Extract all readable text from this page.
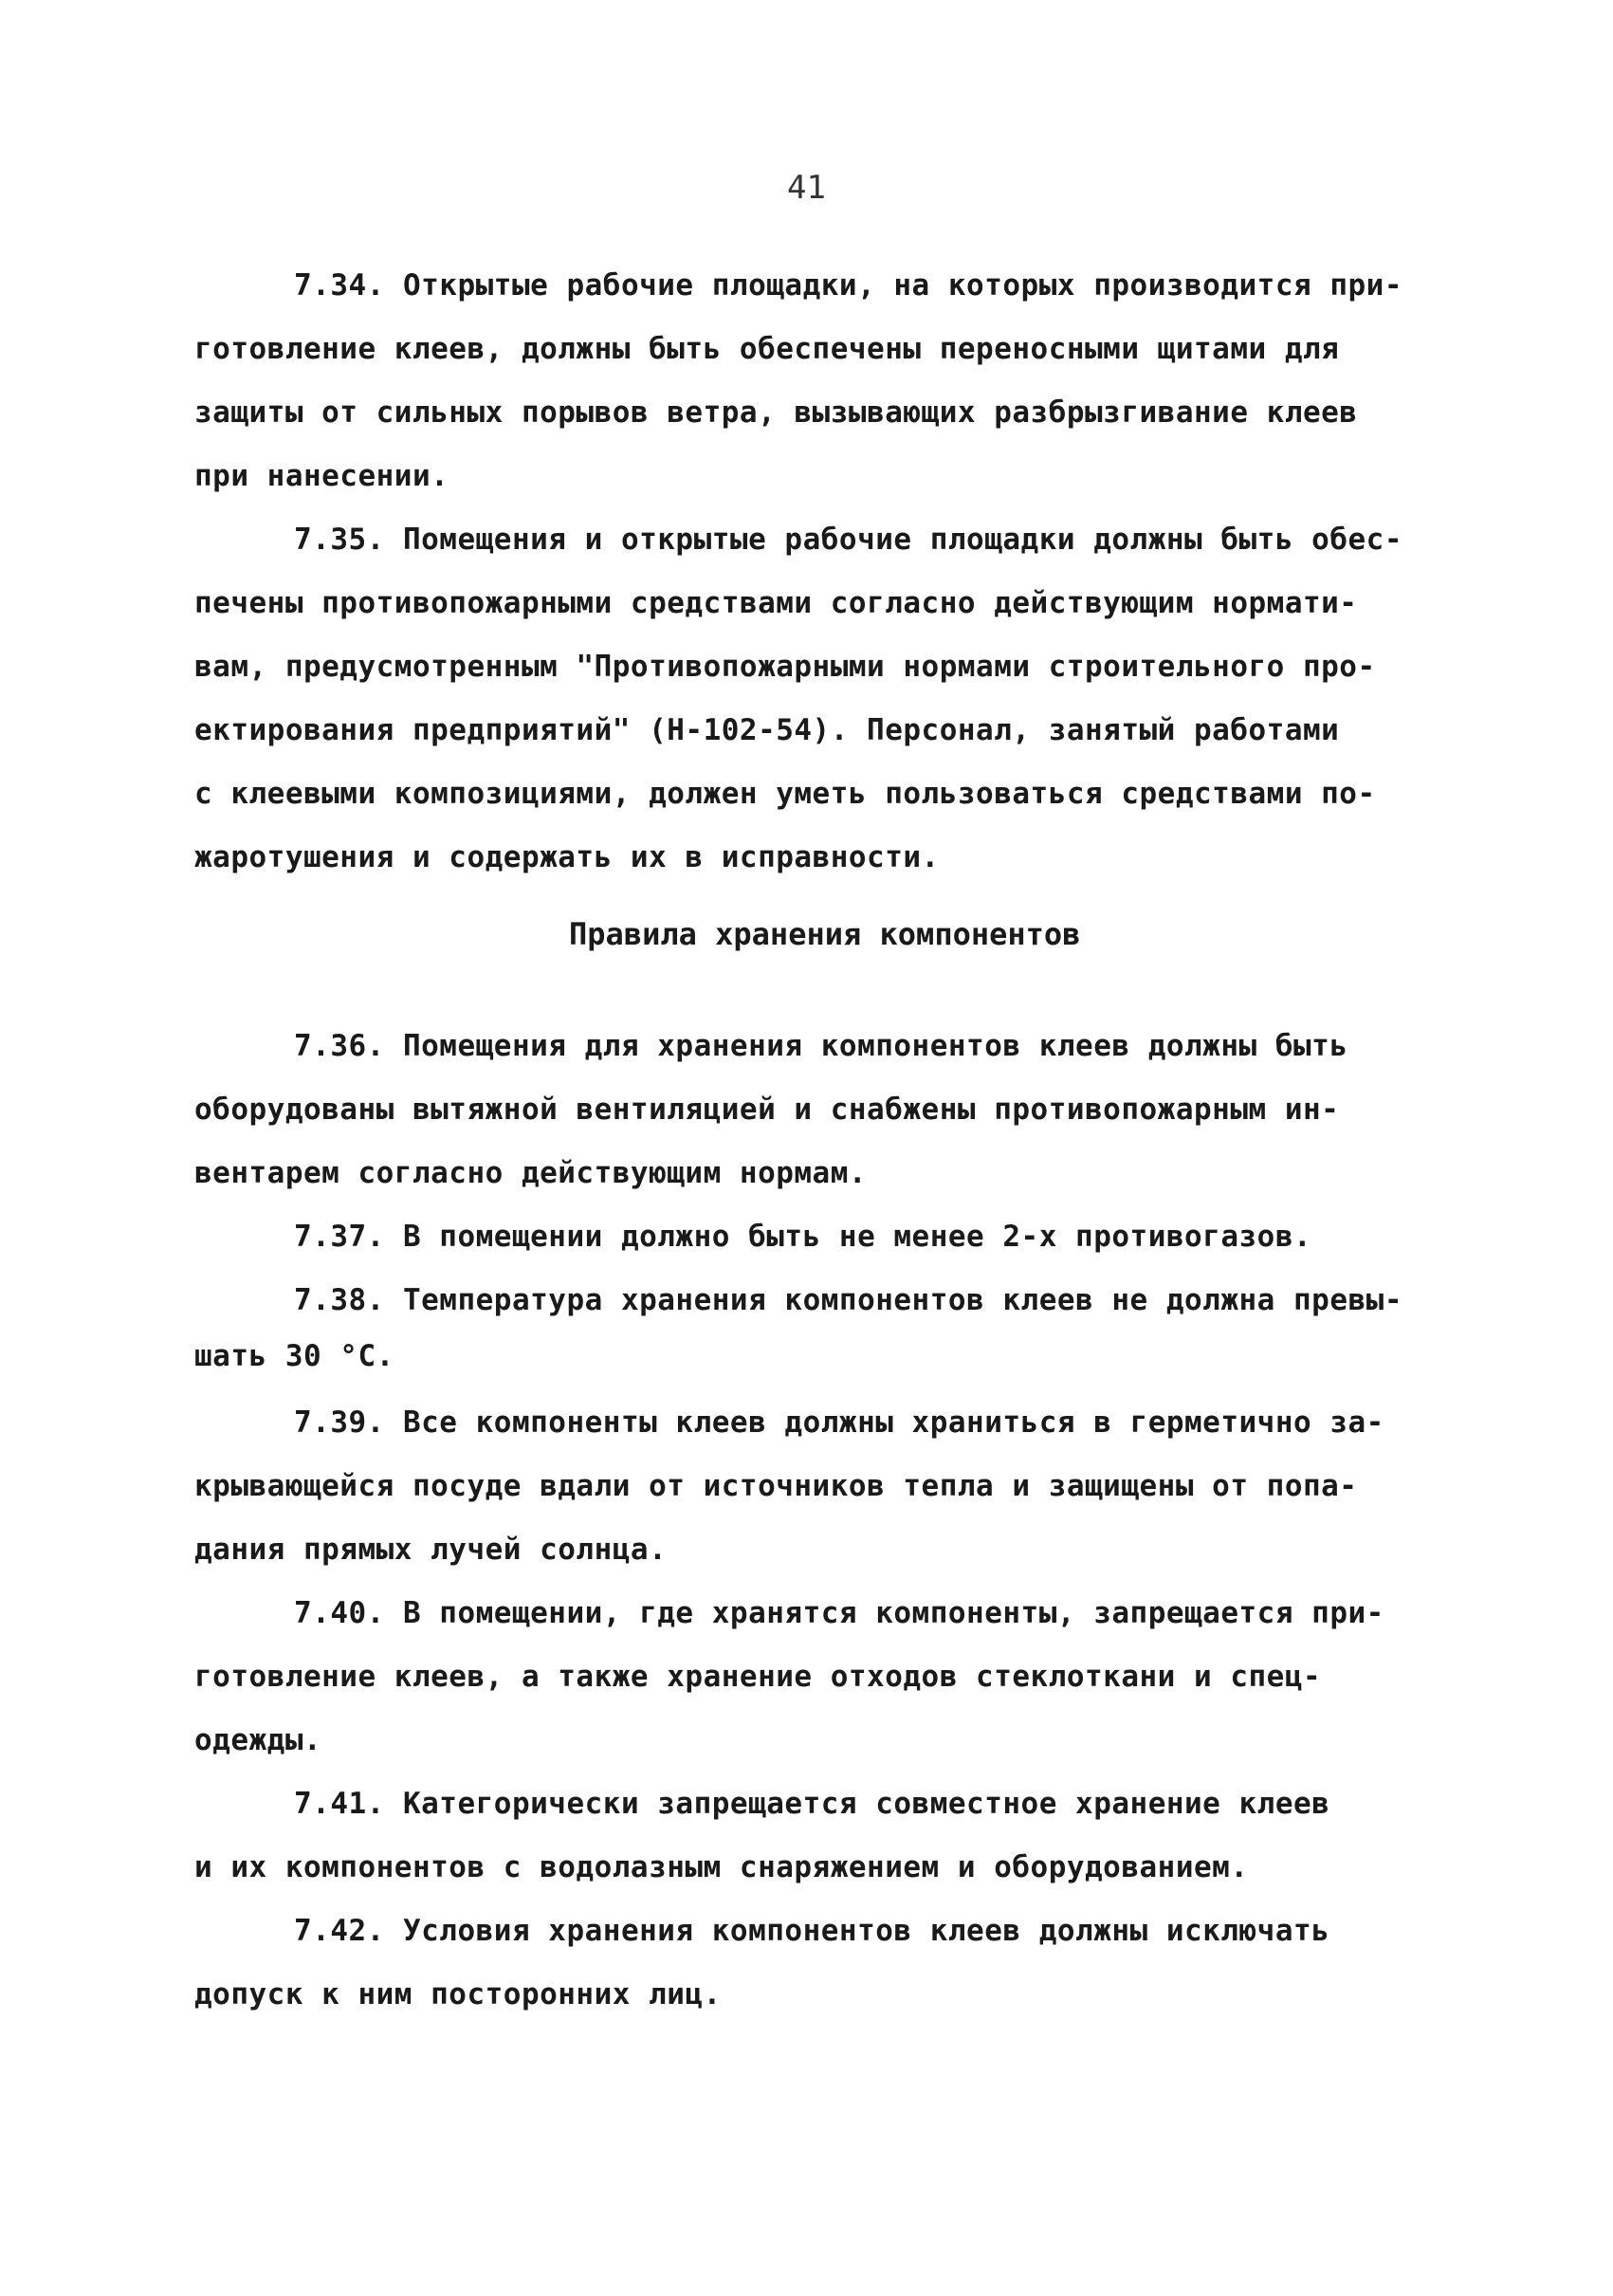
41
7.34. Открытые рабочие площадки, на которых производится при-
готовление клеев, должны быть обеспечены переносными щитами для
защиты от сильных порывов ветра, вызывающих разбрызгивание клеев
при нанесении.
7.35. Помещения и открытые рабочие площадки должны быть обес-
печены противопожарными средствами согласно действующим нормати-
вам, предусмотренным "Противопожарными нормами строительного про-
ектирования предприятий" (Н-102-54). Персонал, занятый работами
с клеевыми композициями, должен уметь пользоваться средствами по-
жаротушения и содержать их в исправности.
Правила хранения компонентов
7.36. Помещения для хранения компонентов клеев должны быть
оборудованы вытяжной вентиляцией и снабжены противопожарным ин-
вентарем согласно действующим нормам.
7.37. В помещении должно быть не менее 2-х противогазов.
7.38. Температура хранения компонентов клеев не должна превы-
шать 30 °С.
7.39. Все компоненты клеев должны храниться в герметично за-
крывающейся посуде вдали от источников тепла и защищены от попа-
дания прямых лучей солнца.
7.40. В помещении, где хранятся компоненты, запрещается при-
готовление клеев, а также хранение отходов стеклоткани и спец-
одежды.
7.41. Категорически запрещается совместное хранение клеев
и их компонентов с водолазным снаряжением и оборудованием.
7.42. Условия хранения компонентов клеев должны исключать
допуск к ним посторонних лиц.
